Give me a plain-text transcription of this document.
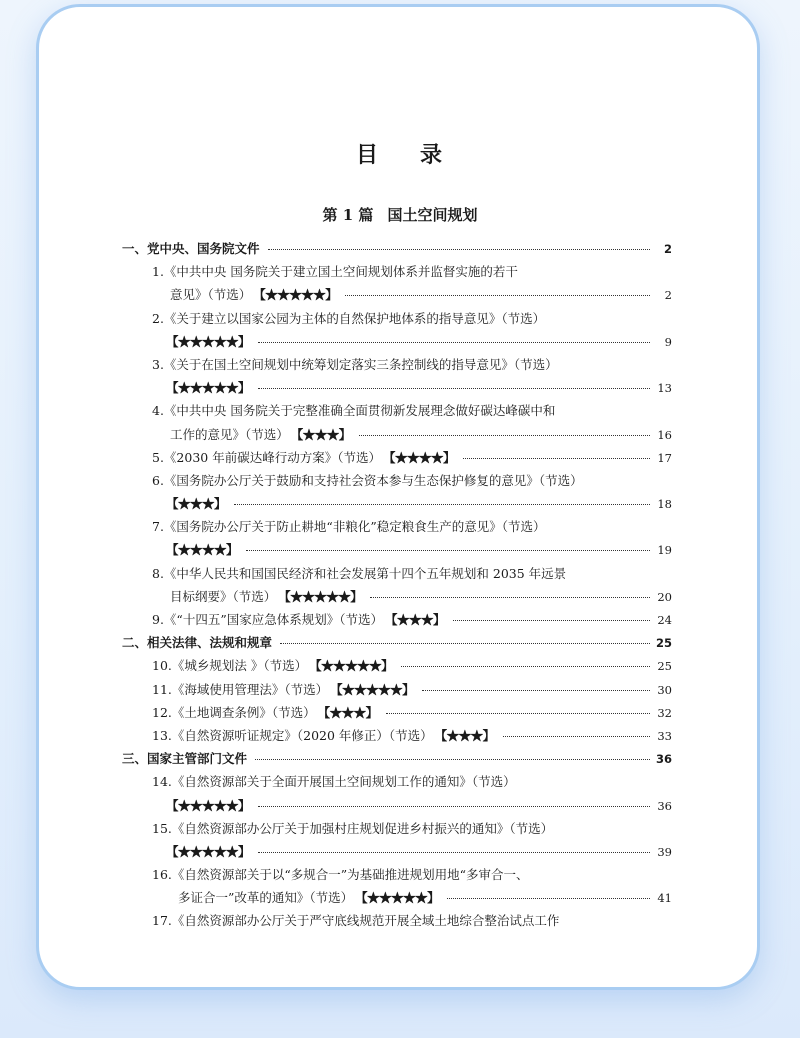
目 录
第 1 篇 国土空间规划
一、党中央、国务院文件	2
1.《中共中央 国务院关于建立国土空间规划体系并监督实施的若干
意见》（节选） 【★★★★★】	2
2.《关于建立以国家公园为主体的自然保护地体系的指导意见》（节选）
【★★★★★】	9
3.《关于在国土空间规划中统筹划定落实三条控制线的指导意见》（节选）
【★★★★★】	13
4.《中共中央 国务院关于完整准确全面贯彻新发展理念做好碳达峰碳中和
工作的意见》（节选） 【★★★】	16
5.《2030 年前碳达峰行动方案》（节选） 【★★★★】	17
6.《国务院办公厅关于鼓励和支持社会资本参与生态保护修复的意见》（节选）
【★★★】	18
7.《国务院办公厅关于防止耕地“非粮化”稳定粮食生产的意见》（节选）
【★★★★】	19
8.《中华人民共和国国民经济和社会发展第十四个五年规划和 2035 年远景
目标纲要》（节选） 【★★★★★】	20
9.《“十四五”国家应急体系规划》（节选） 【★★★】	24
二、相关法律、法规和规章	25
10.《城乡规划法 》（节选） 【★★★★★】	25
11.《海域使用管理法》（节选） 【★★★★★】	30
12.《土地调查条例》（节选） 【★★★】	32
13.《自然资源听证规定》（2020 年修正）（节选） 【★★★】	33
三、国家主管部门文件	36
14.《自然资源部关于全面开展国土空间规划工作的通知》（节选）
【★★★★★】	36
15.《自然资源部办公厅关于加强村庄规划促进乡村振兴的通知》（节选）
【★★★★★】	39
16.《自然资源部关于以“多规合一”为基础推进规划用地“多审合一、
多证合一”改革的通知》（节选） 【★★★★★】	41
17.《自然资源部办公厅关于严守底线规范开展全域土地综合整治试点工作
